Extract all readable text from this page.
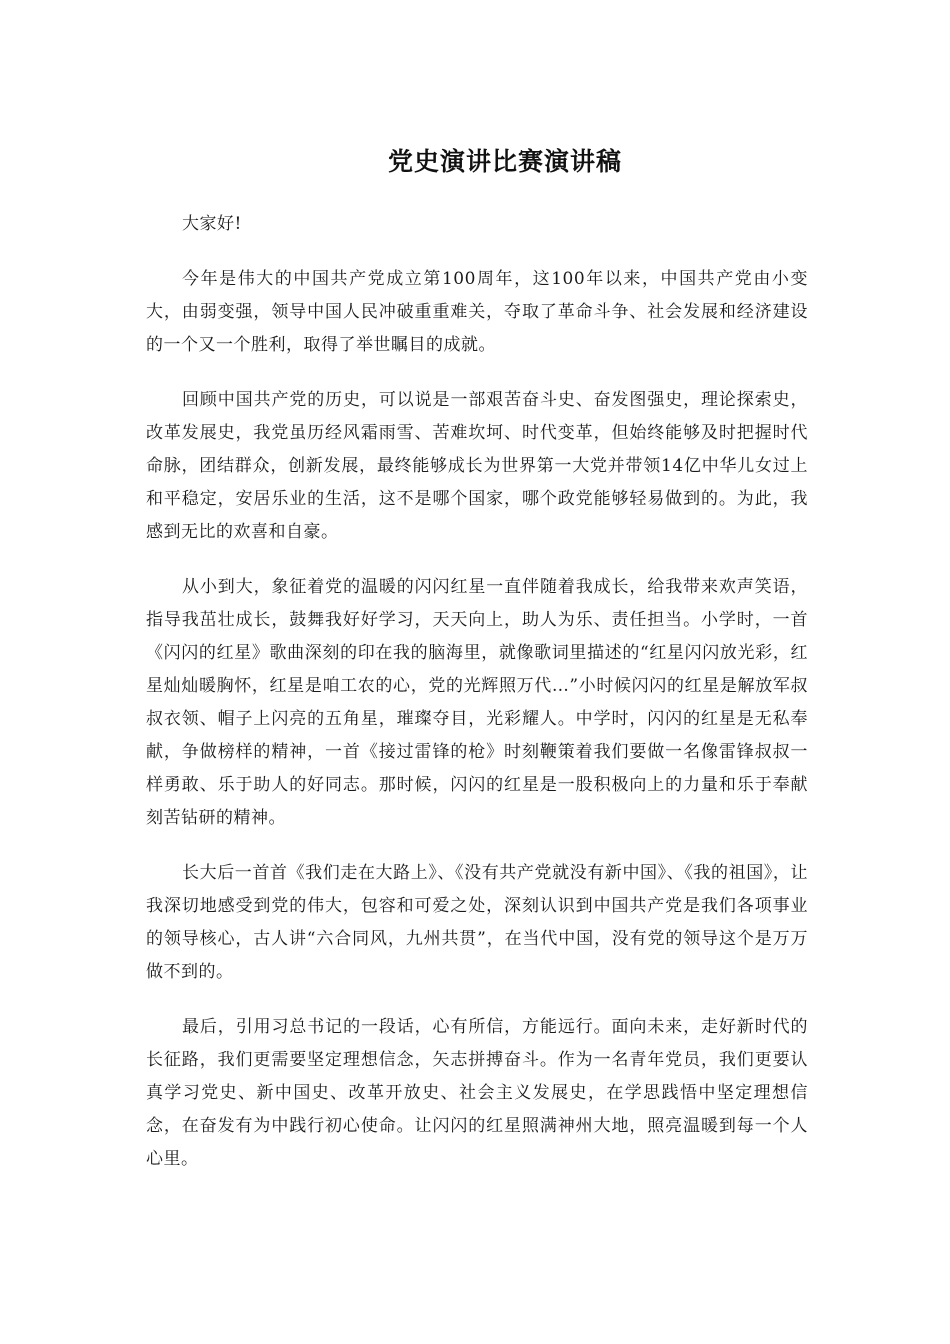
党史演讲比赛演讲稿

大家好!

今年是伟大的中国共产党成立第100周年，这100年以来，中国共产党由小变大，由弱变强，领导中国人民冲破重重难关，夺取了革命斗争、社会发展和经济建设的一个又一个胜利，取得了举世瞩目的成就。

回顾中国共产党的历史，可以说是一部艰苦奋斗史、奋发图强史，理论探索史，改革发展史，我党虽历经风霜雨雪、苦难坎坷、时代变革，但始终能够及时把握时代命脉，团结群众，创新发展，最终能够成长为世界第一大党并带领14亿中华儿女过上和平稳定，安居乐业的生活，这不是哪个国家，哪个政党能够轻易做到的。为此，我感到无比的欢喜和自豪。

从小到大，象征着党的温暖的闪闪红星一直伴随着我成长，给我带来欢声笑语，指导我茁壮成长，鼓舞我好好学习，天天向上，助人为乐、责任担当。小学时，一首《闪闪的红星》歌曲深刻的印在我的脑海里，就像歌词里描述的“红星闪闪放光彩，红星灿灿暖胸怀，红星是咱工农的心，党的光辉照万代…”小时候闪闪的红星是解放军叔叔衣领、帽子上闪亮的五角星，璀璨夺目，光彩耀人。中学时，闪闪的红星是无私奉献，争做榜样的精神，一首《接过雷锋的枪》时刻鞭策着我们要做一名像雷锋叔叔一样勇敢、乐于助人的好同志。那时候，闪闪的红星是一股积极向上的力量和乐于奉献刻苦钻研的精神。

长大后一首首《我们走在大路上》、《没有共产党就没有新中国》、《我的祖国》，让我深切地感受到党的伟大，包容和可爱之处，深刻认识到中国共产党是我们各项事业的领导核心，古人讲“六合同风，九州共贯”，在当代中国，没有党的领导这个是万万做不到的。

最后，引用习总书记的一段话，心有所信，方能远行。面向未来，走好新时代的长征路，我们更需要坚定理想信念，矢志拼搏奋斗。作为一名青年党员，我们更要认真学习党史、新中国史、改革开放史、社会主义发展史，在学思践悟中坚定理想信念，在奋发有为中践行初心使命。让闪闪的红星照满神州大地，照亮温暖到每一个人心里。
